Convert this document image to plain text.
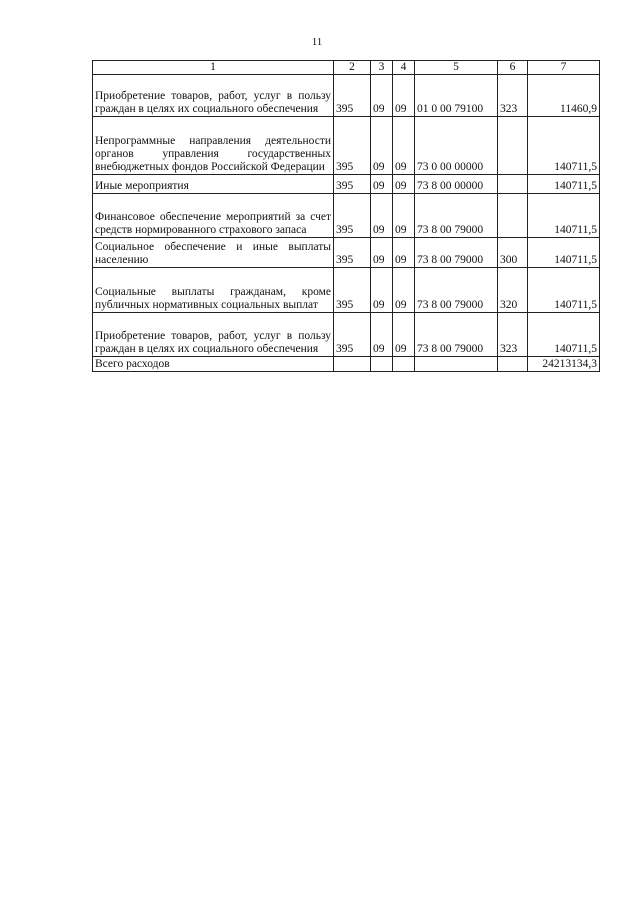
11
1	2	3	4	5	6	7
Приобретение товаров, работ, услуг в пользу граждан в целях их социального обеспечения	395	09	09	01 0 00 79100	323	11460,9
Непрограммные направления деятельности органов управления государственных внебюджетных фондов Российской Федерации	395	09	09	73 0 00 00000		140711,5
Иные мероприятия	395	09	09	73 8 00 00000		140711,5
Финансовое обеспечение мероприятий за счет средств нормированного страхового запаса	395	09	09	73 8 00 79000		140711,5
Социальное обеспечение и иные выплаты населению	395	09	09	73 8 00 79000	300	140711,5
Социальные выплаты гражданам, кроме публичных нормативных социальных выплат	395	09	09	73 8 00 79000	320	140711,5
Приобретение товаров, работ, услуг в пользу граждан в целях их социального обеспечения	395	09	09	73 8 00 79000	323	140711,5
Всего расходов						24213134,3
